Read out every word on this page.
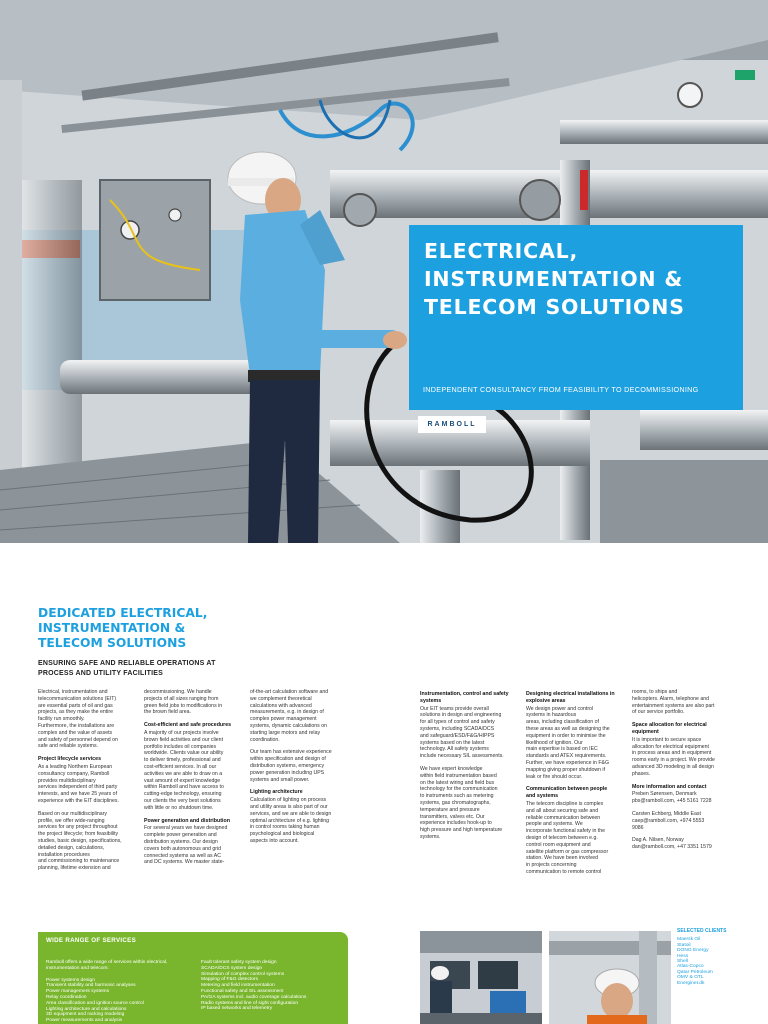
ELECTRICAL,
INSTRUMENTATION &
TELECOM SOLUTIONS
INDEPENDENT CONSULTANCY FROM FEASIBILITY TO DECOMMISSIONING
RAMBOLL
DEDICATED ELECTRICAL,
INSTRUMENTATION &
TELECOM SOLUTIONS
ENSURING SAFE AND RELIABLE OPERATIONS AT
PROCESS AND UTILITY FACILITIES

Electrical, instrumentation and
telecommunication solutions (EIT)
are essential parts of oil and gas
projects, as they make the entire
facility run smoothly.
Furthermore, the installations are
complex and the value of assets
and safety of personnel depend on
safe and reliable systems.

Project lifecycle services

As a leading Northern European
consultancy company, Ramboll
provides multidisciplinary
services independent of third party
interests, and we have 25 years of
experience with the EIT disciplines.

Based on our multidisciplinary
profile, we offer wide-ranging
services for any project throughout
the project lifecycle; from feasibility
studies, basic design, specifications,
detailed design, calculations,
installation procedures
and commissioning to maintenance
planning, lifetime extension and

decommissioning. We handle
projects of all sizes ranging from
green field jobs to modifications in
the brown field area.

Cost-efficient and safe procedures

A majority of our projects involve
brown field activities and our client
portfolio includes oil companies
worldwide. Clients value our ability
to deliver timely, professional and
cost-efficient services. In all our
activities we are able to draw on a
vast amount of expert knowledge
within Ramboll and have access to
cutting-edge technology, ensuring
our clients the very best solutions
with little or no shutdown time.

Power generation and distribution

For several years we have designed
complete power generation and
distribution systems. Our design
covers both autonomous and grid
connected systems as well as AC
and DC systems. We master state-

of-the-art calculation software and
we complement theoretical
calculations with advanced
measurements, e.g. in design of
complex power management
systems, dynamic calculations on
starting large motors and relay
coordination.

Our team has extensive experience
within specification and design of
distribution systems, emergency
power generation including UPS
systems and small power.

Lighting architecture

Calculation of lighting on process
and utility areas is also part of our
services, and we are able to design
optimal architecture of e.g. lighting
in control rooms taking human
psychological and biological
aspects into account.

Instrumentation, control and safety
systems

Our EIT teams provide overall
solutions in design and engineering
for all types of control and safety
systems, including SCADA/DCS
and safeguard/ESD/F&G/HIPPS
systems based on the latest
technology. All safety systems
include necessary SIL assessments.

We have expert knowledge
within field instrumentation based
on the latest wiring and field bus
technology for the communication
to instruments such as metering
systems, gas chromatographs,
temperature and pressure
transmitters, valves etc. Our
experience includes hook-up to
high pressure and high temperature
systems.

Designing electrical installations in
explosive areas

We design power and control
systems in hazardous
areas, including classification of
these areas as well as designing the
equipment in order to minimise the
likelihood of ignition. Our
main expertise is based on IEC
standards and ATEX requirements.
Further, we have experience in F&G
mapping giving proper shutdown if
leak or fire should occur.

Communication between people
and systems

The telecom discipline is complex
and all about securing safe and
reliable communication between
people and systems. We
incorporate functional safety in the
design of telecom between e.g.
control room equipment and
satellite platform or gas compressor
station. We have been involved
in projects concerning
communication to remote control

rooms, to ships and
helicopters. Alarm, telephone and
entertainment systems are also part
of our service portfolio.

Space allocation for electrical
equipment

It is important to secure space
allocation for electrical equipment
in process areas and in equipment
rooms early in a project. We provide
advanced 3D modeling in all design
phases.

More information and contact

Preben Sørensen, Denmark
pbs@ramboll.com, +45 5161 7228

Carsten Echberg, Middle East
caep@ramboll.com, +974 5553
9086

Dag A. Nilsen, Norway
dan@ramboll.com, +47 3351 1579

WIDE RANGE OF SERVICES
Ramboll offers a wide range of services within electrical,
instrumentation and telecom:
Power systems design
Transient stability and harmonic analyses
Power management systems
Relay coordination
Area classification and ignition source control
Lighting architecture and calculations
3D equipment and racking modeling
Power measurements and analysis
Fault tolerant safety system design
SCADA/DCS system design
Simulation of complex control systems
Mapping of F&G detectors
Metering and field instrumentation
Functional safety and SIL assessment
PA/GA systems incl. audio coverage calculations
Radio systems and line of sight configuration
IP based networks and telemetry
SELECTED CLIENTS
Maersk Oil
Statoil
DONG Energy
Hess
Shell
Atlas-Copco
Qatar Petroleum
OMV & OTL
Energinet.dk
